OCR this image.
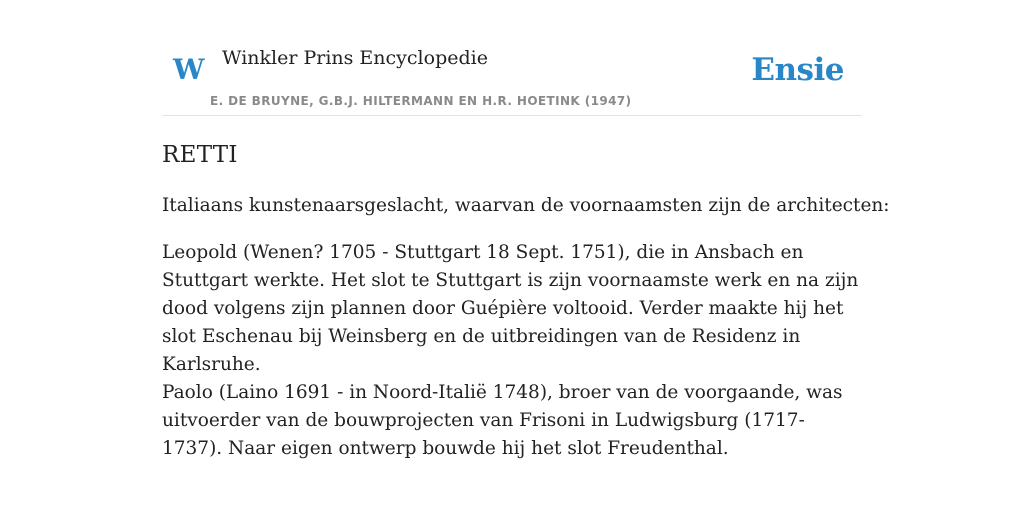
W Winkler Prins Encyclopedie
E. DE BRUYNE, G.B.J. HILTERMANN EN H.R. HOETINK (1947)
Ensie
RETTI

Italiaans kunstenaarsgeslacht, waarvan de voornaamsten zijn de architecten:

Leopold (Wenen? 1705 - Stuttgart 18 Sept. 1751), die in Ansbach en Stuttgart werkte. Het slot te Stuttgart is zijn voornaamste werk en na zijn dood volgens zijn plannen door Guépière voltooid. Verder maakte hij het slot Eschenau bij Weinsberg en de uitbreidingen van de Residenz in Karlsruhe.

Paolo (Laino 1691 - in Noord-Italië 1748), broer van de voorgaande, was uitvoerder van de bouwprojecten van Frisoni in Ludwigsburg (1717-1737). Naar eigen ontwerp bouwde hij het slot Freudenthal.
